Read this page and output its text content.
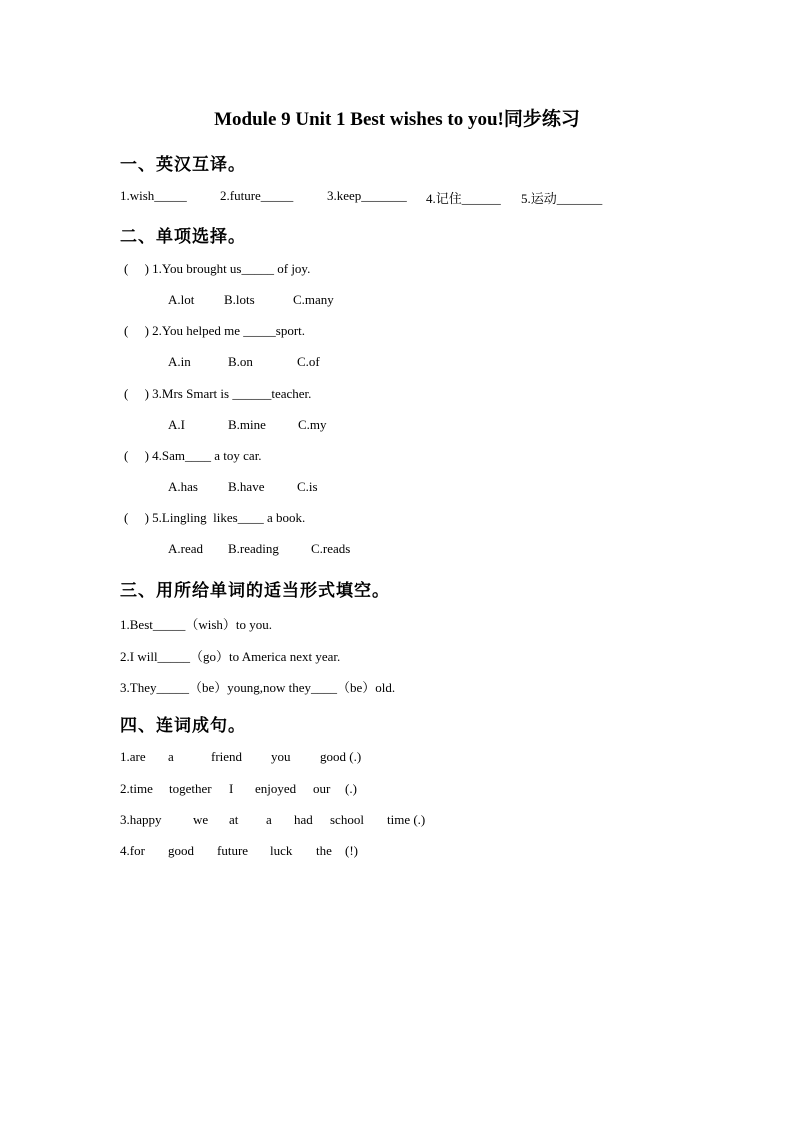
Module 9 Unit 1 Best wishes to you!同步练习
一、英汉互译。
1.wish_____	2.future_____	3.keep_______ 4.记住______ 5.运动_______
二、单项选择。
(     ) 1.You brought us_____ of joy.
A.lot B.lots	C.many
(     ) 2.You helped me _____sport.
A.in	B.on	C.of
(     ) 3.Mrs Smart is ______teacher.
A.I	B.mine C.my
(     ) 4.Sam____ a toy car.
A.has B.have	C.is
(     ) 5.Lingling  likes____ a book.
A.read B.reading C.reads
三、用所给单词的适当形式填空。
1.Best_____（wish）to you.
2.I will_____（go）to America next year.
3.They_____（be）young,now they____（be）old.
四、连词成句。
1.are a	friend you good (.)
2.time together I enjoyed our (.)
3.happy we at a had school time (.)
4.for good future luck the (!)
